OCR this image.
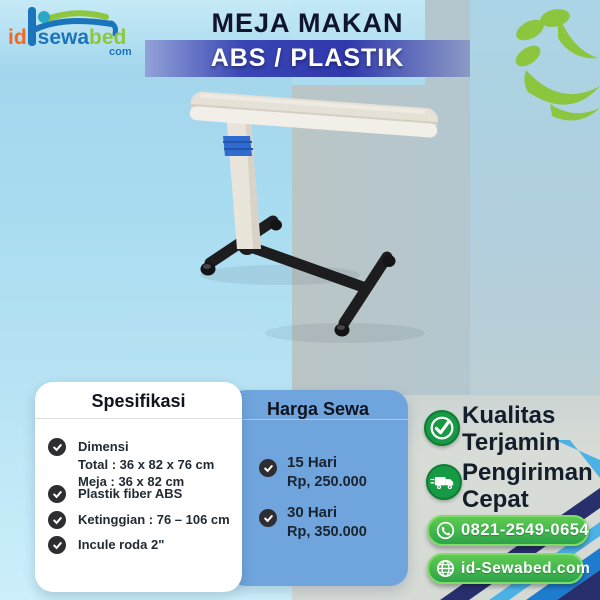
id sewabed
com
MEJA MAKAN
ABS / PLASTIK
Spesifikasi
Dimensi
Total : 36 x 82 x 76 cm
Meja : 36 x 82 cm
Plastik fiber ABS
Ketinggian : 76 – 106 cm
Incule roda 2"
Harga Sewa
15 Hari
Rp, 250.000
30 Hari
Rp, 350.000
Kualitas
Terjamin
Pengiriman
Cepat
0821-2549-0654
id-Sewabed.com
